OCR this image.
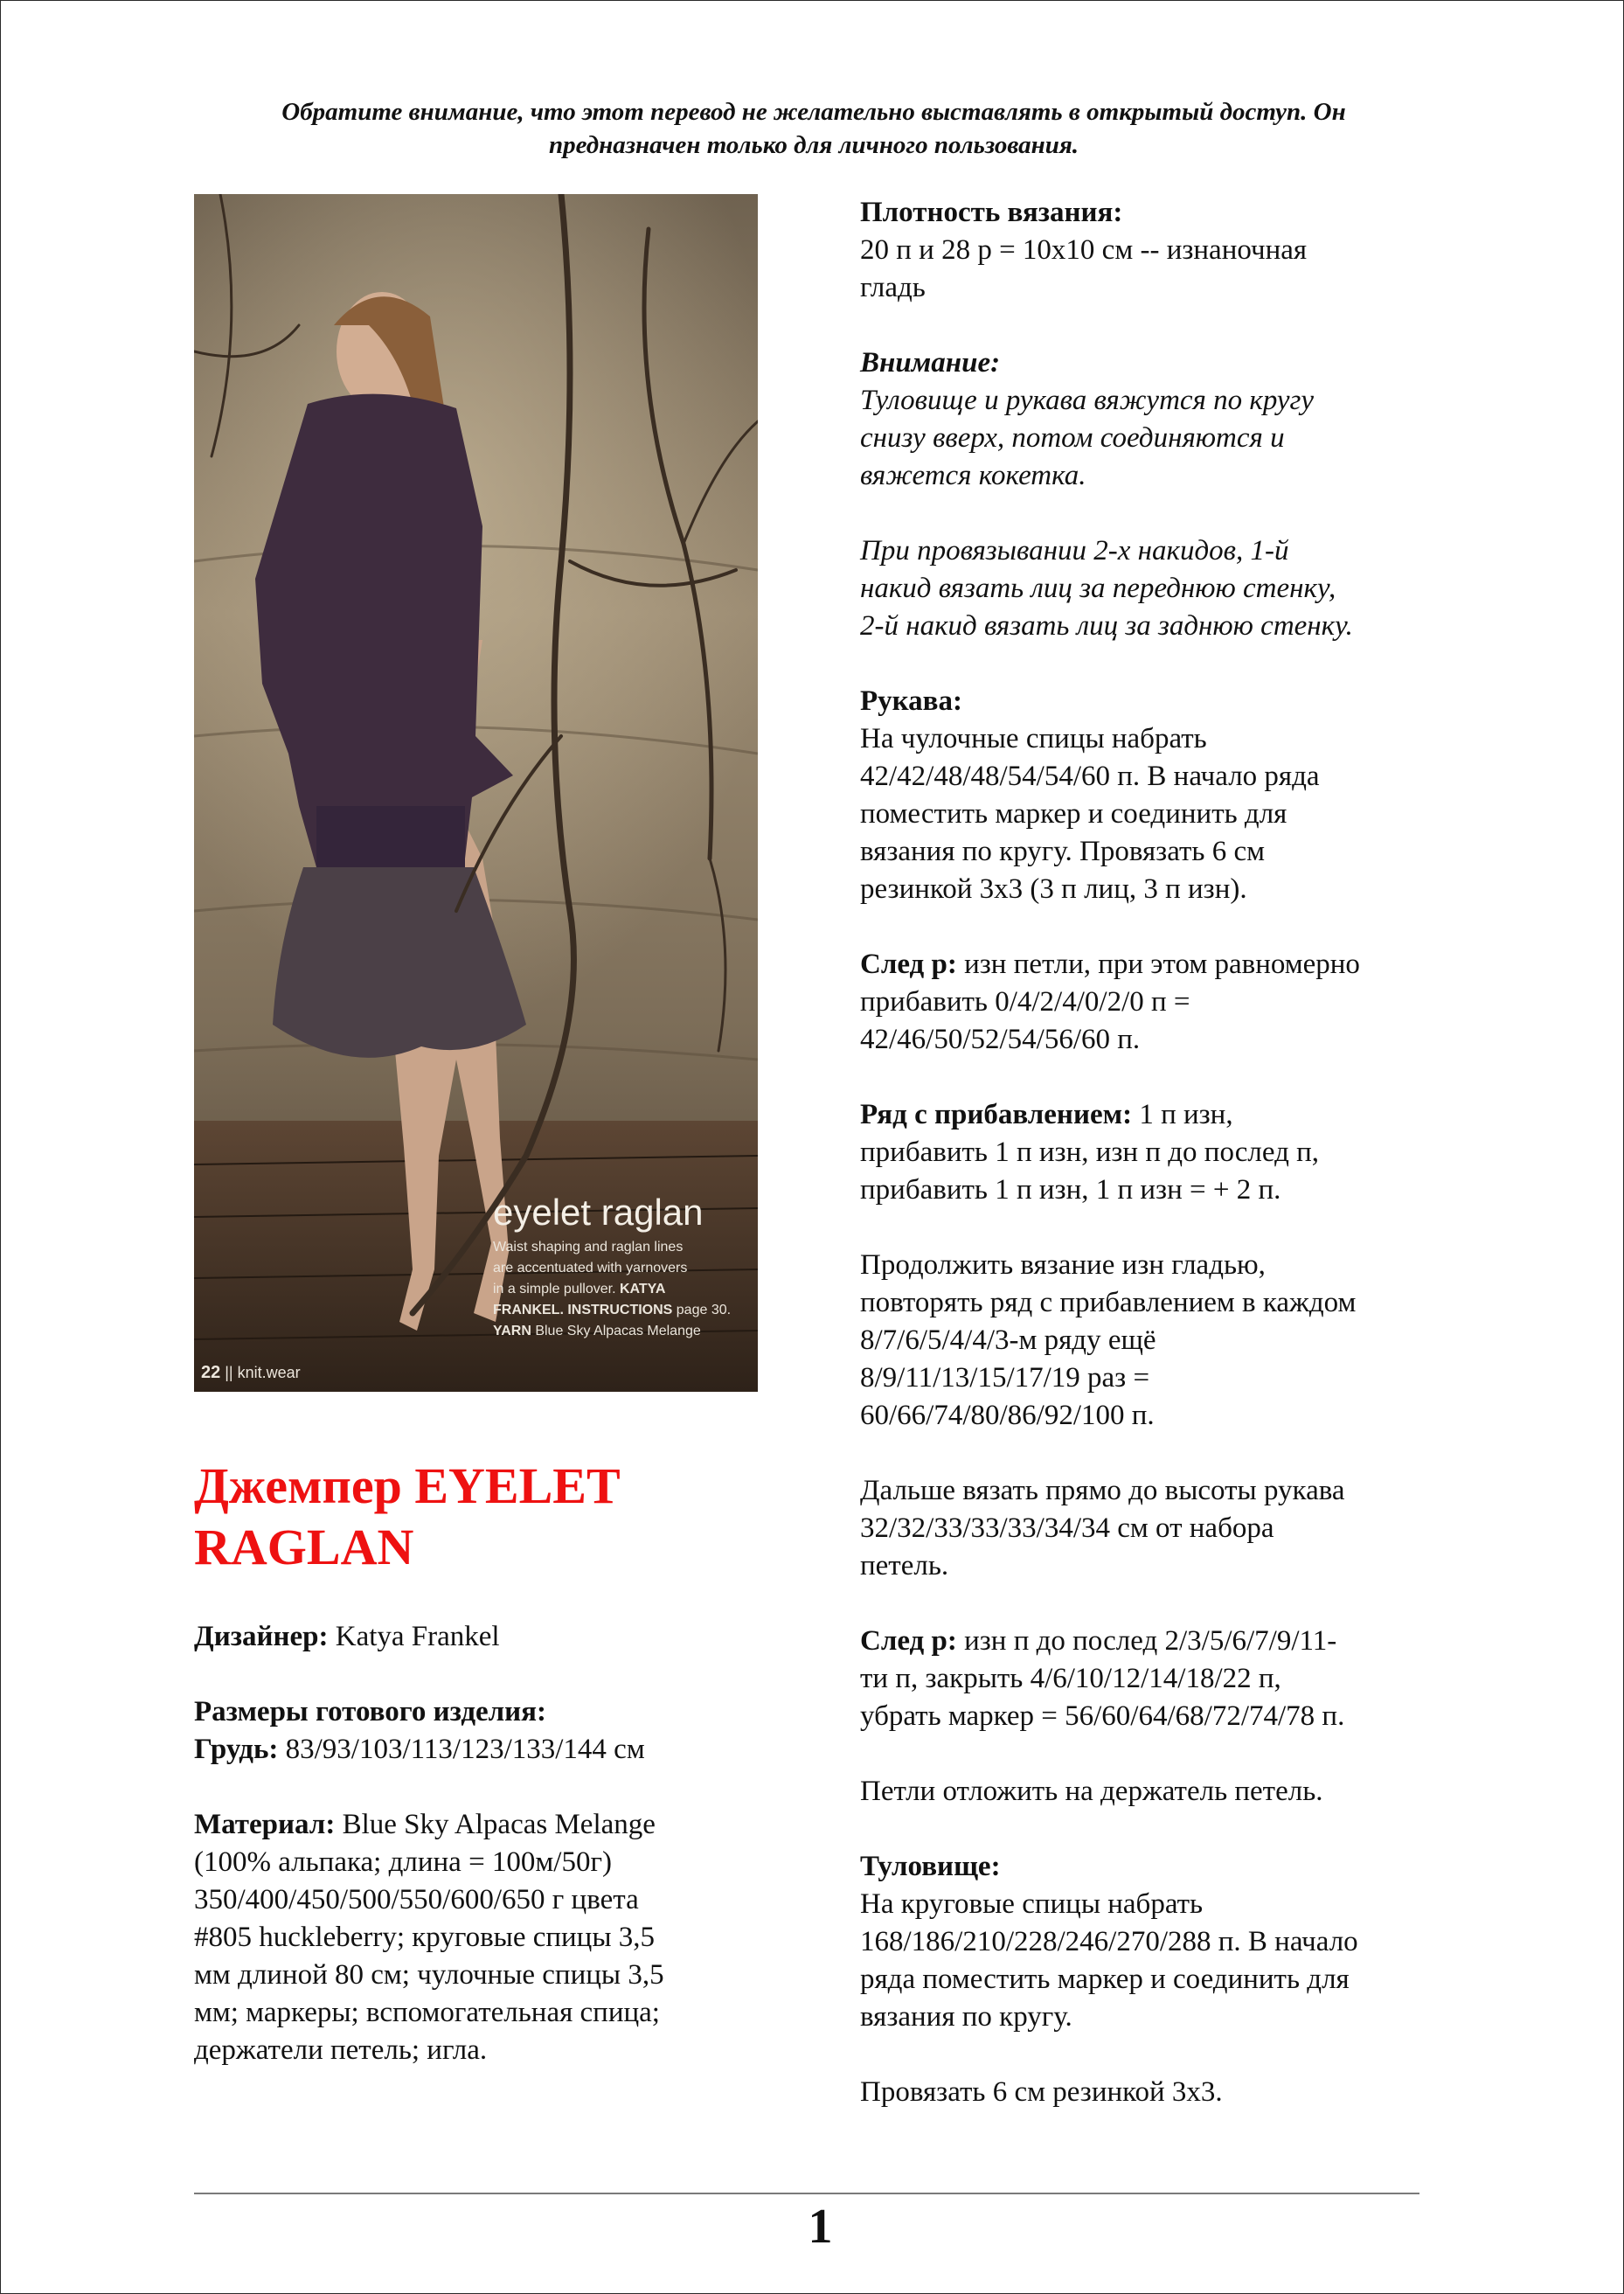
Обратите внимание, что этот перевод не желательно выставлять в открытый доступ. Он
предназначен только для личного пользования.
eyelet raglan
Waist shaping and raglan lines
are accentuated with yarnovers
in a simple pullover. KATYA
FRANKEL. INSTRUCTIONS page 30.
YARN Blue Sky Alpacas Melange
22 || knit.wear
Джемпер EYELET
RAGLAN

Дизайнер: Katya Frankel

Размеры готового изделия:

Грудь: 83/93/103/113/123/133/144 см

Материал: Blue Sky Alpacas Melange

(100% альпака; длина = 100м/50г)

350/400/450/500/550/600/650 г цвета

#805 huckleberry; круговые спицы 3,5

мм длиной 80 см; чулочные спицы 3,5

мм; маркеры; вспомогательная спица;

держатели петель; игла.

Плотность вязания:

20 п и 28 р = 10х10 см -- изнаночная

гладь

Внимание:

Туловище и рукава вяжутся по кругу

снизу вверх, потом соединяются и

вяжется кокетка.

При провязывании 2-х накидов, 1-й

накид вязать лиц за переднюю стенку,

2-й накид вязать лиц за заднюю стенку.

Рукава:

На чулочные спицы набрать

42/42/48/48/54/54/60 п. В начало ряда

поместить маркер и соединить для

вязания по кругу. Провязать 6 см

резинкой 3х3 (3 п лиц, 3 п изн).

След р: изн петли, при этом равномерно

прибавить 0/4/2/4/0/2/0 п =

42/46/50/52/54/56/60 п.

Ряд с прибавлением: 1 п изн,

прибавить 1 п изн, изн п до послед п,

прибавить 1 п изн, 1 п изн = + 2 п.

Продолжить вязание изн гладью,

повторять ряд с прибавлением в каждом

8/7/6/5/4/4/3-м ряду ещё

8/9/11/13/15/17/19 раз =

60/66/74/80/86/92/100 п.

Дальше вязать прямо до высоты рукава

32/32/33/33/33/34/34 см от набора

петель.

След р: изн п до послед 2/3/5/6/7/9/11-

ти п, закрыть 4/6/10/12/14/18/22 п,

убрать маркер = 56/60/64/68/72/74/78 п.

Петли отложить на держатель петель.

Туловище:

На круговые спицы набрать

168/186/210/228/246/270/288 п. В начало

ряда поместить маркер и соединить для

вязания по кругу.

Провязать 6 см резинкой 3х3.

1
